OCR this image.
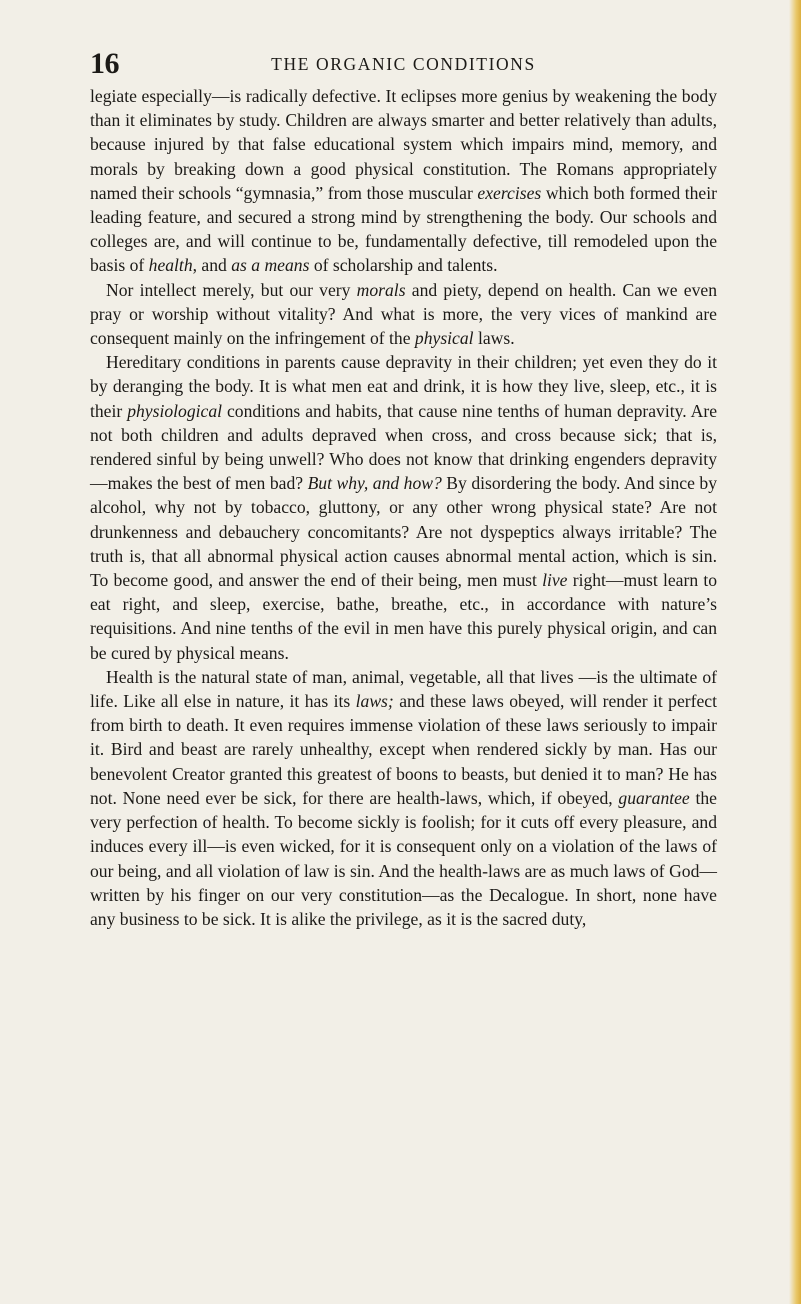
16	THE ORGANIC CONDITIONS

legiate especially—is radically defective. It eclipses more genius by weakening the body than it eliminates by study. Children are always smarter and better relatively than adults, because injured by that false educational system which impairs mind, memory, and morals by breaking down a good physical constitution. The Romans appropriately named their schools “gymnasia,” from those muscular exercises which both formed their leading feature, and secured a strong mind by strengthening the body. Our schools and colleges are, and will continue to be, fundamentally defective, till remodeled upon the basis of health, and as a means of scholarship and talents.

Nor intellect merely, but our very morals and piety, depend on health. Can we even pray or worship without vitality? And what is more, the very vices of mankind are consequent mainly on the infringement of the physical laws.

Hereditary conditions in parents cause depravity in their children; yet even they do it by deranging the body. It is what men eat and drink, it is how they live, sleep, etc., it is their physiological conditions and habits, that cause nine tenths of human depravity. Are not both children and adults depraved when cross, and cross because sick; that is, rendered sinful by being unwell? Who does not know that drinking engenders depravity—makes the best of men bad? But why, and how? By disordering the body. And since by alcohol, why not by tobacco, gluttony, or any other wrong physical state? Are not drunkenness and debauchery concomitants? Are not dyspeptics always irritable? The truth is, that all abnormal physical action causes abnormal mental action, which is sin. To become good, and answer the end of their being, men must live right—must learn to eat right, and sleep, exercise, bathe, breathe, etc., in accordance with nature’s requisitions. And nine tenths of the evil in men have this purely physical origin, and can be cured by physical means.

Health is the natural state of man, animal, vegetable, all that lives —is the ultimate of life. Like all else in nature, it has its laws; and these laws obeyed, will render it perfect from birth to death. It even requires immense violation of these laws seriously to impair it. Bird and beast are rarely unhealthy, except when rendered sickly by man. Has our benevolent Creator granted this greatest of boons to beasts, but denied it to man? He has not. None need ever be sick, for there are health-laws, which, if obeyed, guarantee the very perfection of health. To become sickly is foolish; for it cuts off every pleasure, and induces every ill—is even wicked, for it is consequent only on a violation of the laws of our being, and all violation of law is sin. And the health-laws are as much laws of God—written by his finger on our very constitution—as the Decalogue. In short, none have any business to be sick. It is alike the privilege, as it is the sacred duty,
